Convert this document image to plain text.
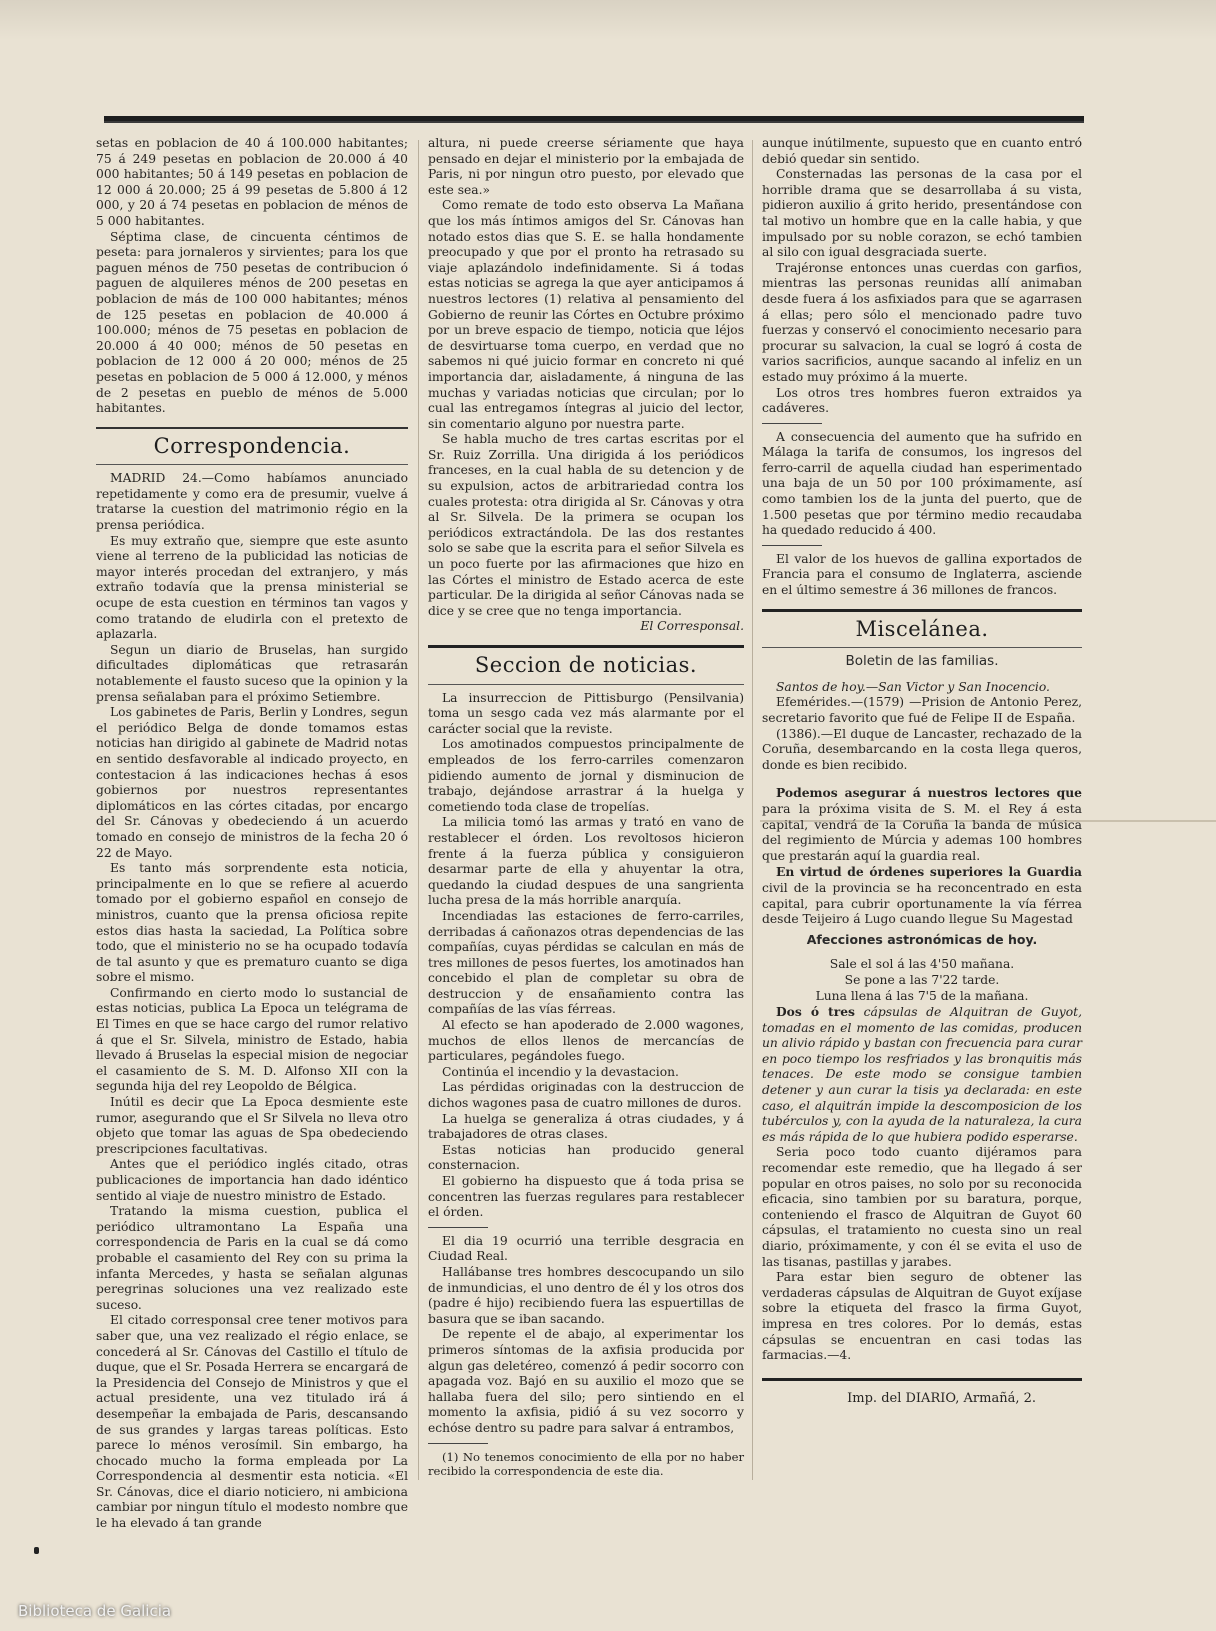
setas en poblacion de 40 á 100.000 habitantes; 75 á 249 pesetas en poblacion de 20.000 á 40 000 habitantes; 50 á 149 pesetas en poblacion de 12 000 á 20.000; 25 á 99 pesetas de 5.800 á 12 000, y 20 á 74 pesetas en poblacion de ménos de 5 000 habitantes.

Séptima clase, de cincuenta céntimos de peseta: para jornaleros y sirvientes; para los que paguen ménos de 750 pesetas de contribucion ó paguen de alquileres ménos de 200 pesetas en poblacion de más de 100 000 habitantes; ménos de 125 pesetas en poblacion de 40.000 á 100.000; ménos de 75 pesetas en poblacion de 20.000 á 40 000; ménos de 50 pesetas en poblacion de 12 000 á 20 000; ménos de 25 pesetas en poblacion de 5 000 á 12.000, y ménos de 2 pesetas en pueblo de ménos de 5.000 habitantes.

Correspondencia.

MADRID 24.—Como habíamos anunciado repetidamente y como era de presumir, vuelve á tratarse la cuestion del matrimonio régio en la prensa periódica.

Es muy extraño que, siempre que este asunto viene al terreno de la publicidad las noticias de mayor interés procedan del extranjero, y más extraño todavía que la prensa ministerial se ocupe de esta cuestion en términos tan vagos y como tratando de eludirla con el pretexto de aplazarla.

Segun un diario de Bruselas, han surgido dificultades diplomáticas que retrasarán notablemente el fausto suceso que la opinion y la prensa señalaban para el próximo Setiembre.

Los gabinetes de Paris, Berlin y Londres, segun el periódico Belga de donde tomamos estas noticias han dirigido al gabinete de Madrid notas en sentido desfavorable al indicado proyecto, en contestacion á las indicaciones hechas á esos gobiernos por nuestros representantes diplomáticos en las córtes citadas, por encargo del Sr. Cánovas y obedeciendo á un acuerdo tomado en consejo de ministros de la fecha 20 ó 22 de Mayo.

Es tanto más sorprendente esta noticia, principalmente en lo que se refiere al acuerdo tomado por el gobierno español en consejo de ministros, cuanto que la prensa oficiosa repite estos dias hasta la saciedad, La Política sobre todo, que el ministerio no se ha ocupado todavía de tal asunto y que es prematuro cuanto se diga sobre el mismo.

Confirmando en cierto modo lo sustancial de estas noticias, publica La Epoca un telégrama de El Times en que se hace cargo del rumor relativo á que el Sr. Silvela, ministro de Estado, habia llevado á Bruselas la especial mision de negociar el casamiento de S. M. D. Alfonso XII con la segunda hija del rey Leopoldo de Bélgica.

Inútil es decir que La Epoca desmiente este rumor, asegurando que el Sr Silvela no lleva otro objeto que tomar las aguas de Spa obedeciendo prescripciones facultativas.

Antes que el periódico inglés citado, otras publicaciones de importancia han dado idéntico sentido al viaje de nuestro ministro de Estado.

Tratando la misma cuestion, publica el periódico ultramontano La España una correspondencia de Paris en la cual se dá como probable el casamiento del Rey con su prima la infanta Mercedes, y hasta se señalan algunas peregrinas soluciones una vez realizado este suceso.

El citado corresponsal cree tener motivos para saber que, una vez realizado el régio enlace, se concederá al Sr. Cánovas del Castillo el título de duque, que el Sr. Posada Herrera se encargará de la Presidencia del Consejo de Ministros y que el actual presidente, una vez titulado irá á desempeñar la embajada de Paris, descansando de sus grandes y largas tareas políticas. Esto parece lo ménos verosímil. Sin embargo, ha chocado mucho la forma empleada por La Correspondencia al desmentir esta noticia. «El Sr. Cánovas, dice el diario noticiero, ni ambiciona cambiar por ningun título el modesto nombre que le ha elevado á tan grande

altura, ni puede creerse sériamente que haya pensado en dejar el ministerio por la embajada de Paris, ni por ningun otro puesto, por elevado que este sea.»

Como remate de todo esto observa La Mañana que los más íntimos amigos del Sr. Cánovas han notado estos dias que S. E. se halla hondamente preocupado y que por el pronto ha retrasado su viaje aplazándolo indefinidamente. Si á todas estas noticias se agrega la que ayer anticipamos á nuestros lectores (1) relativa al pensamiento del Gobierno de reunir las Córtes en Octubre próximo por un breve espacio de tiempo, noticia que léjos de desvirtuarse toma cuerpo, en verdad que no sabemos ni qué juicio formar en concreto ni qué importancia dar, aisladamente, á ninguna de las muchas y variadas noticias que circulan; por lo cual las entregamos íntegras al juicio del lector, sin comentario alguno por nuestra parte.

Se habla mucho de tres cartas escritas por el Sr. Ruiz Zorrilla. Una dirigida á los periódicos franceses, en la cual habla de su detencion y de su expulsion, actos de arbitrariedad contra los cuales protesta: otra dirigida al Sr. Cánovas y otra al Sr. Silvela. De la primera se ocupan los periódicos extractándola. De las dos restantes solo se sabe que la escrita para el señor Silvela es un poco fuerte por las afirmaciones que hizo en las Córtes el ministro de Estado acerca de este particular. De la dirigida al señor Cánovas nada se dice y se cree que no tenga importancia.

El Corresponsal.

Seccion de noticias.

La insurreccion de Pittisburgo (Pensilvania) toma un sesgo cada vez más alarmante por el carácter social que la reviste.

Los amotinados compuestos principalmente de empleados de los ferro-carriles comenzaron pidiendo aumento de jornal y disminucion de trabajo, dejándose arrastrar á la huelga y cometiendo toda clase de tropelías.

La milicia tomó las armas y trató en vano de restablecer el órden. Los revoltosos hicieron frente á la fuerza pública y consiguieron desarmar parte de ella y ahuyentar la otra, quedando la ciudad despues de una sangrienta lucha presa de la más horrible anarquía.

Incendiadas las estaciones de ferro-carriles, derribadas á cañonazos otras dependencias de las compañías, cuyas pérdidas se calculan en más de tres millones de pesos fuertes, los amotinados han concebido el plan de completar su obra de destruccion y de ensañamiento contra las compañías de las vías férreas.

Al efecto se han apoderado de 2.000 wagones, muchos de ellos llenos de mercancías de particulares, pegándoles fuego.

Continúa el incendio y la devastacion.

Las pérdidas originadas con la destruccion de dichos wagones pasa de cuatro millones de duros.

La huelga se generaliza á otras ciudades, y á trabajadores de otras clases.

Estas noticias han producido general consternacion.

El gobierno ha dispuesto que á toda prisa se concentren las fuerzas regulares para restablecer el órden.

El dia 19 ocurrió una terrible desgracia en Ciudad Real.

Hallábanse tres hombres descocupando un silo de inmundicias, el uno dentro de él y los otros dos (padre é hijo) recibiendo fuera las espuertillas de basura que se iban sacando.

De repente el de abajo, al experimentar los primeros síntomas de la axfisia producida por algun gas deletéreo, comenzó á pedir socorro con apagada voz. Bajó en su auxilio el mozo que se hallaba fuera del silo; pero sintiendo en el momento la axfisia, pidió á su vez socorro y echóse dentro su padre para salvar á entrambos,

(1) No tenemos conocimiento de ella por no haber recibido la correspondencia de este dia.

aunque inútilmente, supuesto que en cuanto entró debió quedar sin sentido.

Consternadas las personas de la casa por el horrible drama que se desarrollaba á su vista, pidieron auxilio á grito herido, presentándose con tal motivo un hombre que en la calle habia, y que impulsado por su noble corazon, se echó tambien al silo con igual desgraciada suerte.

Trajéronse entonces unas cuerdas con garfios, mientras las personas reunidas allí animaban desde fuera á los asfixiados para que se agarrasen á ellas; pero sólo el mencionado padre tuvo fuerzas y conservó el conocimiento necesario para procurar su salvacion, la cual se logró á costa de varios sacrificios, aunque sacando al infeliz en un estado muy próximo á la muerte.

Los otros tres hombres fueron extraidos ya cadáveres.

A consecuencia del aumento que ha sufrido en Málaga la tarifa de consumos, los ingresos del ferro-carril de aquella ciudad han esperimentado una baja de un 50 por 100 próximamente, así como tambien los de la junta del puerto, que de 1.500 pesetas que por término medio recaudaba ha quedado reducido á 400.

El valor de los huevos de gallina exportados de Francia para el consumo de Inglaterra, asciende en el último semestre á 36 millones de francos.

Miscelánea.
Boletin de las familias.

Santos de hoy.—San Victor y San Inocencio.

Efemérides.—(1579) —Prision de Antonio Perez, secretario favorito que fué de Felipe II de España.

(1386).—El duque de Lancaster, rechazado de la Coruña, desembarcando en la costa llega queros, donde es bien recibido.

Podemos asegurar á nuestros lectores que para la próxima visita de S. M. el Rey á esta capital, vendrá de la Coruña la banda de música del regimiento de Múrcia y ademas 100 hombres que prestarán aquí la guardia real.

En virtud de órdenes superiores la Guardia civil de la provincia se ha reconcentrado en esta capital, para cubrir oportunamente la vía férrea desde Teijeiro á Lugo cuando llegue Su Magestad

Afecciones astronómicas de hoy.

Sale el sol á las 4'50 mañana.

Se pone a las 7'22 tarde.

Luna llena á las 7'5 de la mañana.

Dos ó tres cápsulas de Alquitran de Guyot, tomadas en el momento de las comidas, producen un alivio rápido y bastan con frecuencia para curar en poco tiempo los resfriados y las bronquitis más tenaces. De este modo se consigue tambien detener y aun curar la tisis ya declarada: en este caso, el alquitrán impide la descomposicion de los tubérculos y, con la ayuda de la naturaleza, la cura es más rápida de lo que hubiera podido esperarse.

Seria poco todo cuanto dijéramos para recomendar este remedio, que ha llegado á ser popular en otros paises, no solo por su reconocida eficacia, sino tambien por su baratura, porque, conteniendo el frasco de Alquitran de Guyot 60 cápsulas, el tratamiento no cuesta sino un real diario, próximamente, y con él se evita el uso de las tisanas, pastillas y jarabes.

Para estar bien seguro de obtener las verdaderas cápsulas de Alquitran de Guyot exíjase sobre la etiqueta del frasco la firma Guyot, impresa en tres colores. Por lo demás, estas cápsulas se encuentran en casi todas las farmacias.—4.

Imp. del DIARIO, Armañá, 2.
Biblioteca de Galicia
